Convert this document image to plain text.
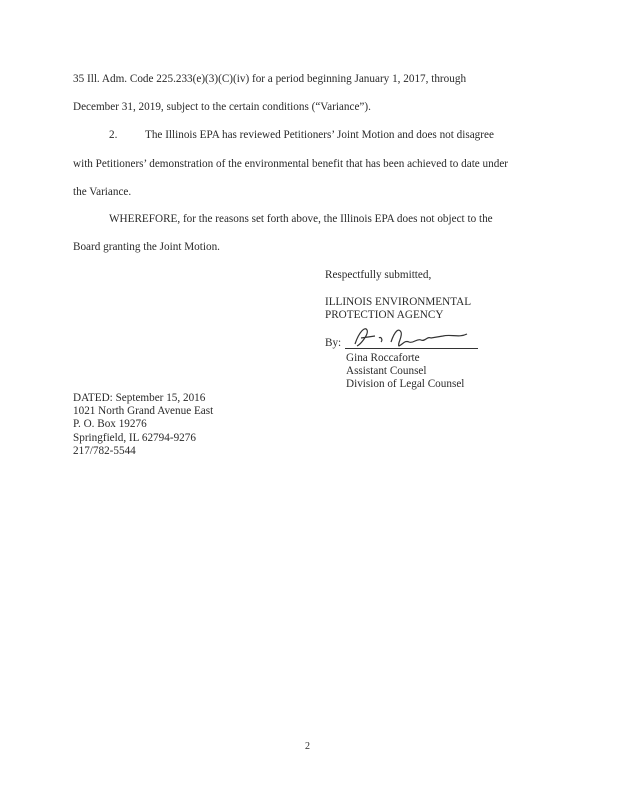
35 Ill. Adm. Code 225.233(e)(3)(C)(iv) for a period beginning January 1, 2017, through
December 31, 2019, subject to the certain conditions (“Variance”).
2. The Illinois EPA has reviewed Petitioners’ Joint Motion and does not disagree
with Petitioners’ demonstration of the environmental benefit that has been achieved to date under
the Variance.
WHEREFORE, for the reasons set forth above, the Illinois EPA does not object to the
Board granting the Joint Motion.
Respectfully submitted,
ILLINOIS ENVIRONMENTAL
PROTECTION AGENCY
By:
Gina Roccaforte
Assistant Counsel
Division of Legal Counsel
DATED: September 15, 2016
1021 North Grand Avenue East
P. O. Box 19276
Springfield, IL 62794-9276
217/782-5544
2
